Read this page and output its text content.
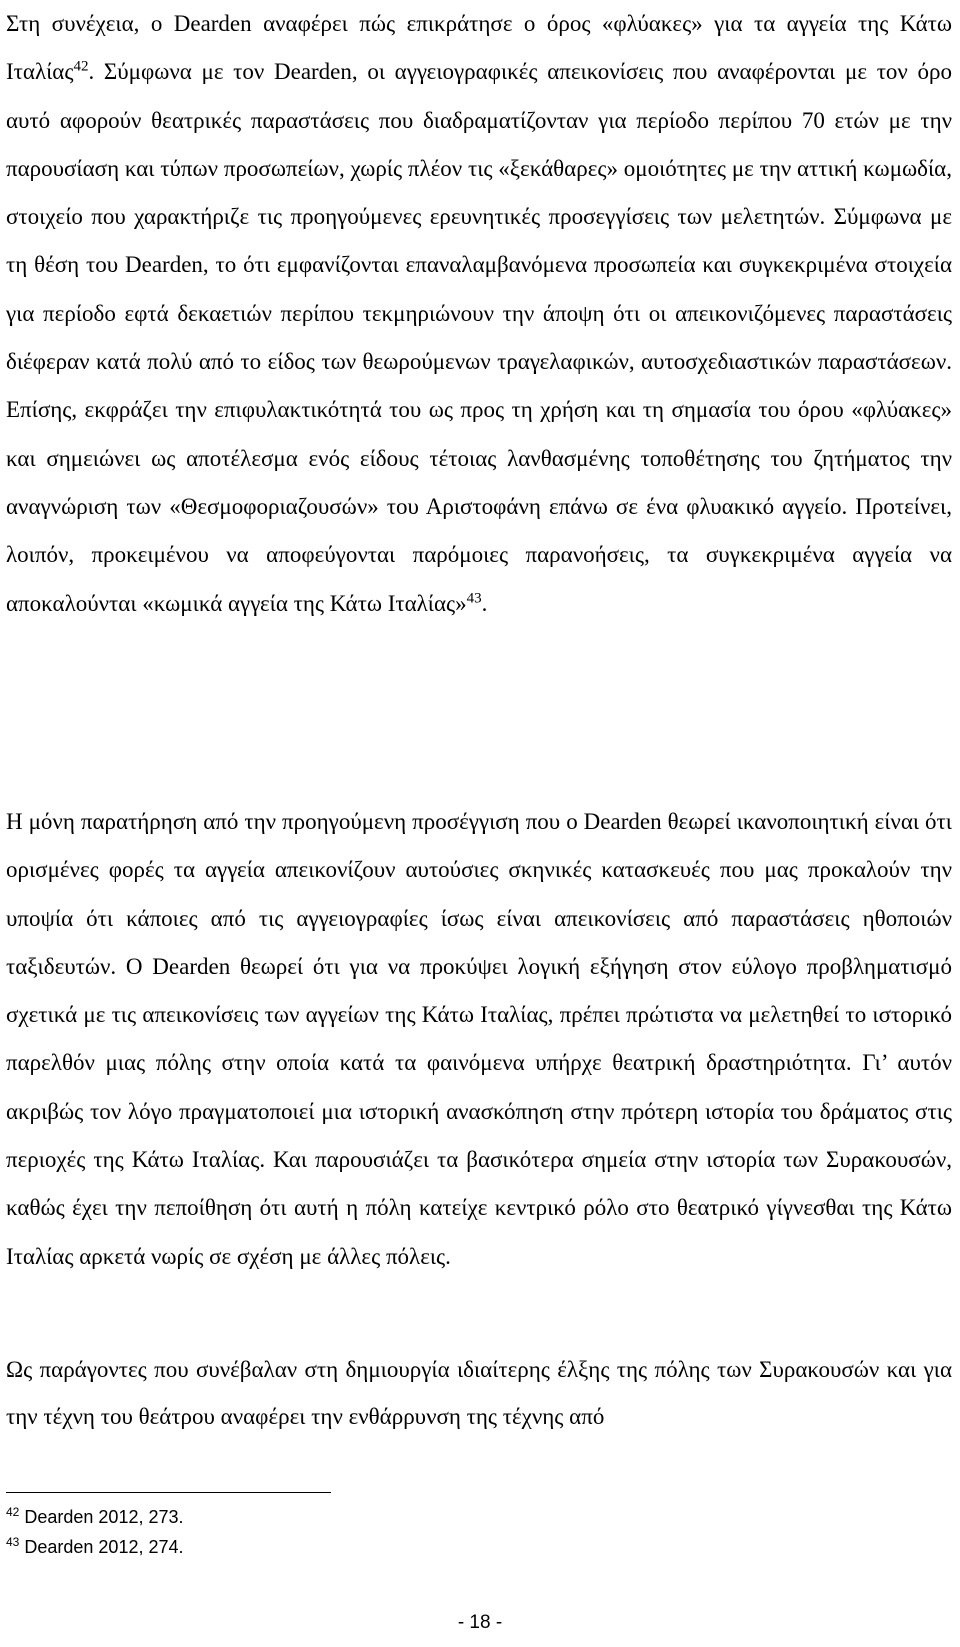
Στη συνέχεια, ο Dearden αναφέρει πώς επικράτησε ο όρος «φλύακες» για τα αγγεία της Κάτω Ιταλίας$^{42}$. Σύμφωνα με τον Dearden, οι αγγειογραφικές απεικονίσεις που αναφέρονται με τον όρο αυτό αφορούν θεατρικές παραστάσεις που διαδραματίζονταν για περίοδο περίπου 70 ετών με την παρουσίαση και τύπων προσωπείων, χωρίς πλέον τις «ξεκάθαρες» ομοιότητες με την αττική κωμωδία, στοιχείο που χαρακτήριζε τις προηγούμενες ερευνητικές προσεγγίσεις των μελετητών. Σύμφωνα με τη θέση του Dearden, το ότι εμφανίζονται επαναλαμβανόμενα προσωπεία και συγκεκριμένα στοιχεία για περίοδο εφτά δεκαετιών περίπου τεκμηριώνουν την άποψη ότι οι απεικονιζόμενες παραστάσεις διέφεραν κατά πολύ από το είδος των θεωρούμενων τραγελαφικών, αυτοσχεδιαστικών παραστάσεων. Επίσης, εκφράζει την επιφυλακτικότητά του ως προς τη χρήση και τη σημασία του όρου «φλύακες» και σημειώνει ως αποτέλεσμα ενός είδους τέτοιας λανθασμένης τοποθέτησης του ζητήματος την αναγνώριση των «Θεσμοφοριαζουσών» του Αριστοφάνη επάνω σε ένα φλυακικό αγγείο. Προτείνει, λοιπόν, προκειμένου να αποφεύγονται παρόμοιες παρανοήσεις, τα συγκεκριμένα αγγεία να αποκαλούνται «κωμικά αγγεία της Κάτω Ιταλίας»$^{43}$.

Η μόνη παρατήρηση από την προηγούμενη προσέγγιση που ο Dearden θεωρεί ικανοποιητική είναι ότι ορισμένες φορές τα αγγεία απεικονίζουν αυτούσιες σκηνικές κατασκευές που μας προκαλούν την υποψία ότι κάποιες από τις αγγειογραφίες ίσως είναι απεικονίσεις από παραστάσεις ηθοποιών ταξιδευτών. Ο Dearden θεωρεί ότι για να προκύψει λογική εξήγηση στον εύλογο προβληματισμό σχετικά με τις απεικονίσεις των αγγείων της Κάτω Ιταλίας, πρέπει πρώτιστα να μελετηθεί το ιστορικό παρελθόν μιας πόλης στην οποία κατά τα φαινόμενα υπήρχε θεατρική δραστηριότητα. Γι’ αυτόν ακριβώς τον λόγο πραγματοποιεί μια ιστορική ανασκόπηση στην πρότερη ιστορία του δράματος στις περιοχές της Κάτω Ιταλίας. Και παρουσιάζει τα βασικότερα σημεία στην ιστορία των Συρακουσών, καθώς έχει την πεποίθηση ότι αυτή η πόλη κατείχε κεντρικό ρόλο στο θεατρικό γίγνεσθαι της Κάτω Ιταλίας αρκετά νωρίς σε σχέση με άλλες πόλεις.

Ως παράγοντες που συνέβαλαν στη δημιουργία ιδιαίτερης έλξης της πόλης των Συρακουσών και για την τέχνη του θεάτρου αναφέρει την ενθάρρυνση της τέχνης από

$^{42}$ Dearden 2012, 273.
$^{43}$ Dearden 2012, 274.
- 18 -
